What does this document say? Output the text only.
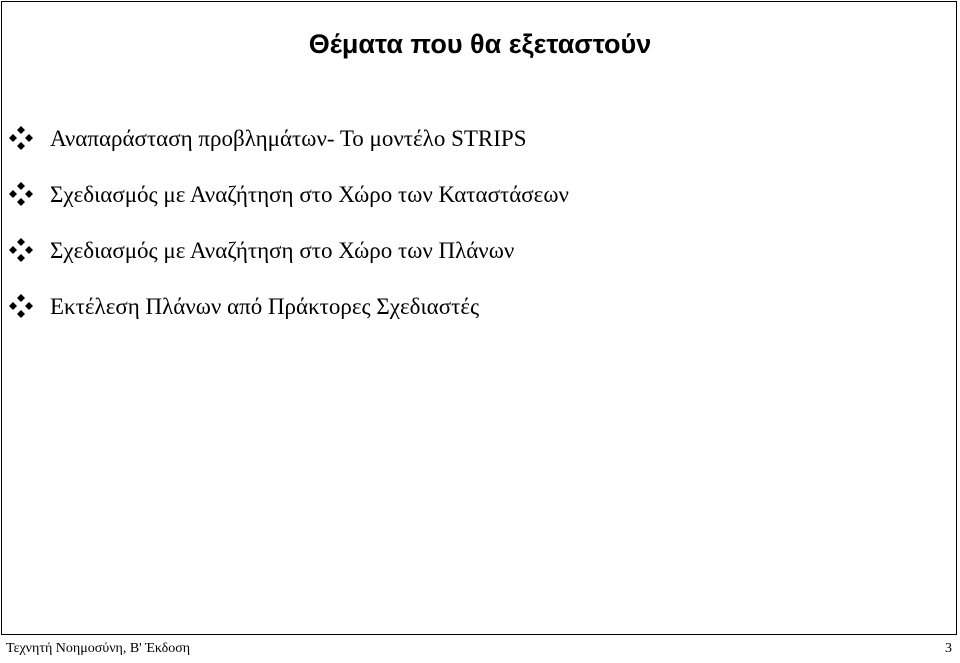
Θέματα που θα εξεταστούν
Αναπαράσταση προβλημάτων- Το μοντέλο STRIPS
Σχεδιασμός με Αναζήτηση στο Χώρο των Καταστάσεων
Σχεδιασμός με Αναζήτηση στο Χώρο των Πλάνων
Εκτέλεση Πλάνων από Πράκτορες Σχεδιαστές
Τεχνητή Νοημοσύνη, B' Έκδοση	3
